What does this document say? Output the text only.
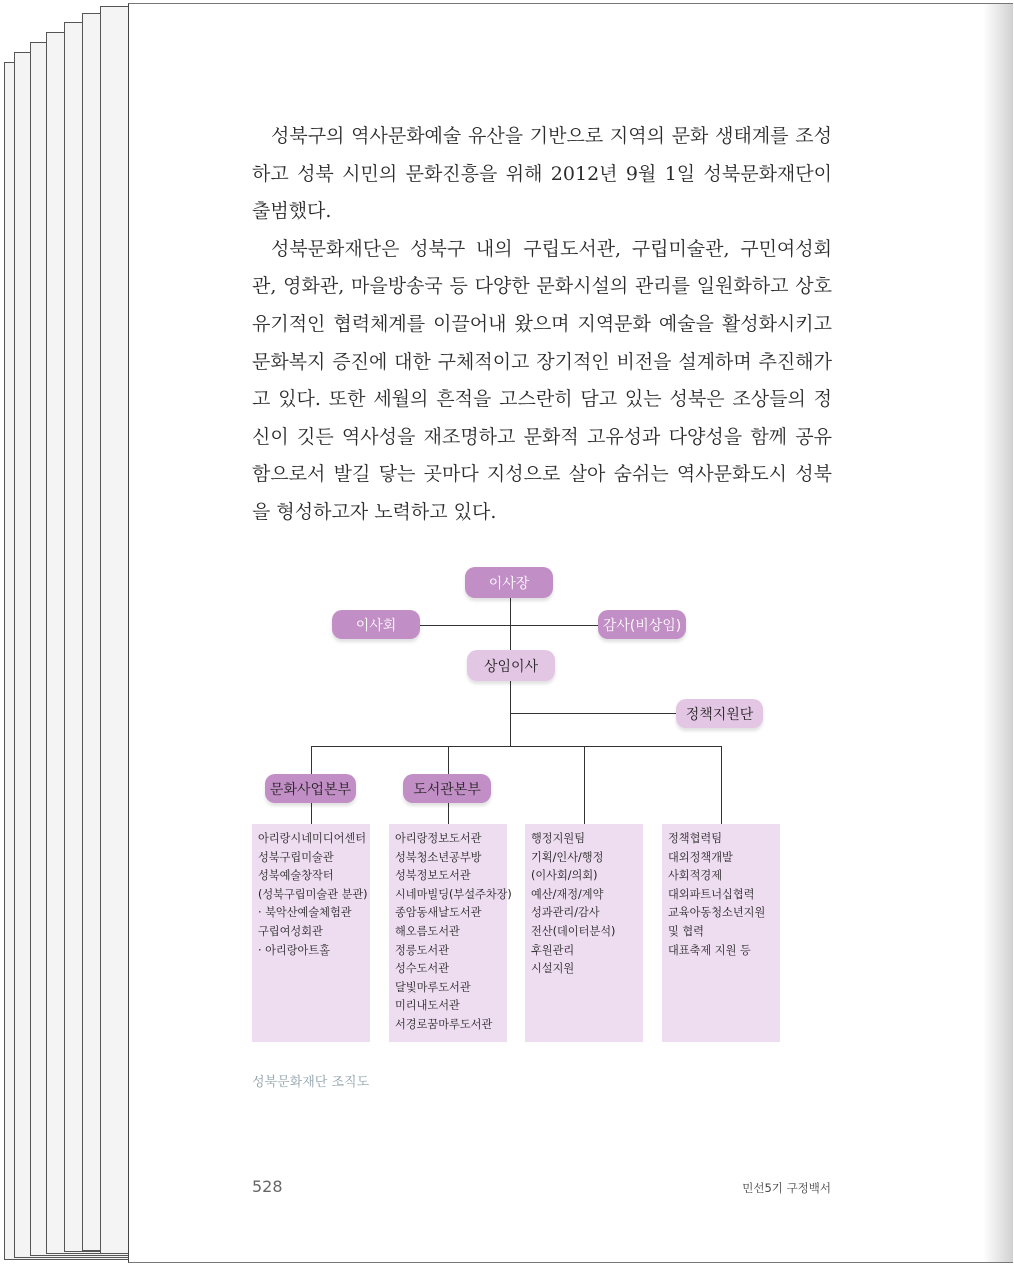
성북구의 역사문화예술 유산을 기반으로 지역의 문화 생태계를 조성하고 성북 시민의 문화진흥을 위해 2012년 9월 1일 성북문화재단이 출범했다.

성북문화재단은 성북구 내의 구립도서관, 구립미술관, 구민여성회관, 영화관, 마을방송국 등 다양한 문화시설의 관리를 일원화하고 상호 유기적인 협력체계를 이끌어내 왔으며 지역문화 예술을 활성화시키고 문화복지 증진에 대한 구체적이고 장기적인 비전을 설계하며 추진해가고 있다. 또한 세월의 흔적을 고스란히 담고 있는 성북은 조상들의 정신이 깃든 역사성을 재조명하고 문화적 고유성과 다양성을 함께 공유함으로서 발길 닿는 곳마다 지성으로 살아 숨쉬는 역사문화도시 성북을 형성하고자 노력하고 있다.

이사장
이사회	감사(비상임)
상임이사
정책지원단
문화사업본부	도서관본부
아리랑시네미디어센터
성북구립미술관
성북예술창작터
(성북구립미술관 분관)
· 북악산예술체험관
구립여성회관
· 아리랑아트홀
아리랑정보도서관
성북청소년공부방
성북정보도서관
시네마빌딩(부설주차장)
종암동새날도서관
해오름도서관
정릉도서관
성수도서관
달빛마루도서관
미리내도서관
서경로꿈마루도서관
행정지원팀
기획/인사/행정
(이사회/의회)
예산/재정/계약
성과관리/감사
전산(데이터분석)
후원관리
시설지원
정책협력팀
대외정책개발
사회적경제
대외파트너십협력
교육아동청소년지원
및 협력
대표축제 지원 등
성북문화재단 조직도
528	민선5기 구정백서
